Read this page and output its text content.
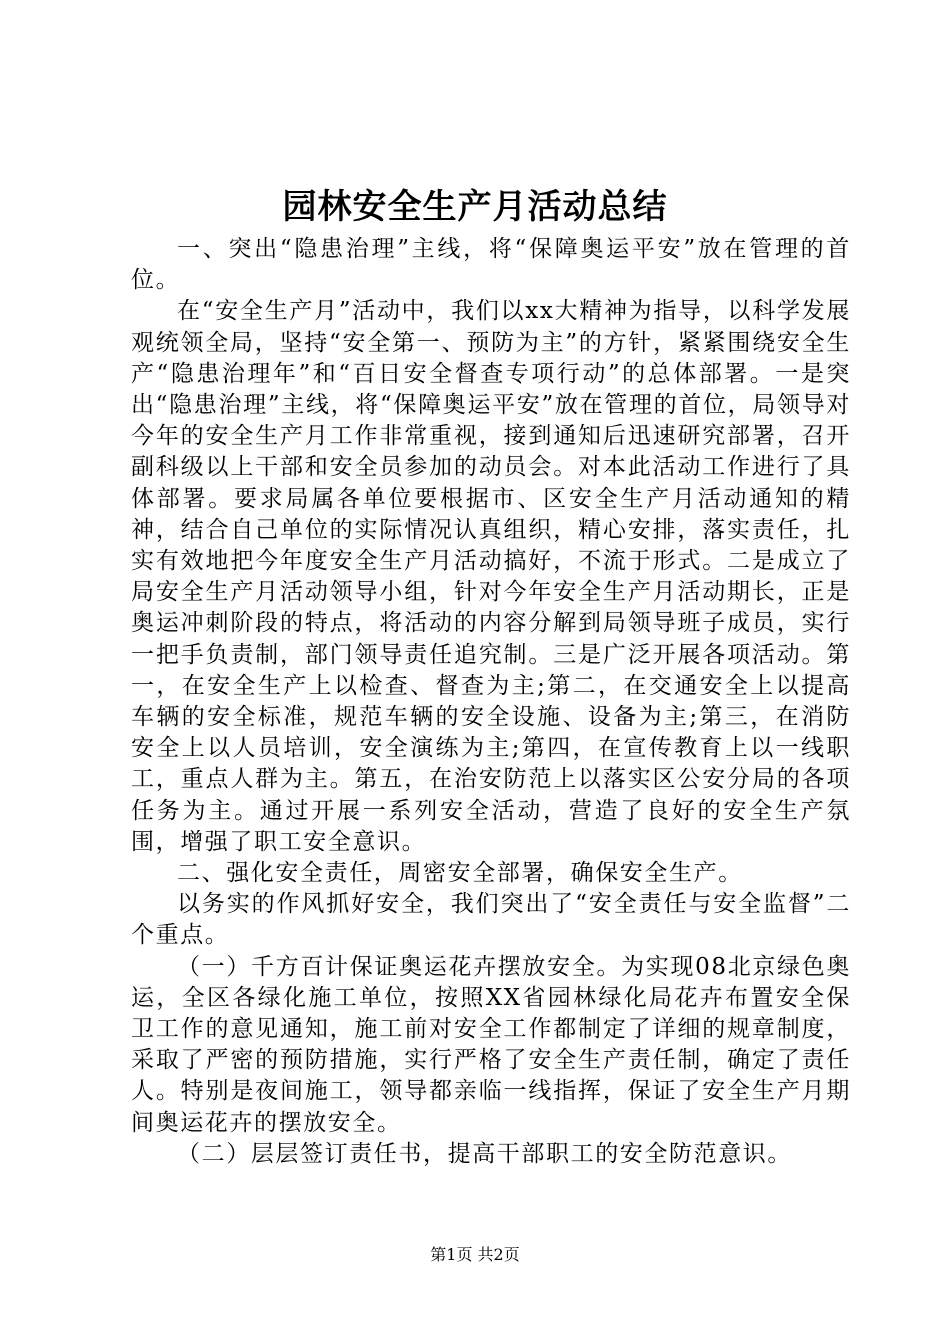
园林安全生产月活动总结

一、突出“隐患治理”主线，将“保障奥运平安”放在管理的首位。

在“安全生产月”活动中，我们以xx大精神为指导，以科学发展观统领全局，坚持“安全第一、预防为主”的方针，紧紧围绕安全生产“隐患治理年”和“百日安全督查专项行动”的总体部署。一是突出“隐患治理”主线，将“保障奥运平安”放在管理的首位，局领导对今年的安全生产月工作非常重视，接到通知后迅速研究部署，召开副科级以上干部和安全员参加的动员会。对本此活动工作进行了具体部署。要求局属各单位要根据市、区安全生产月活动通知的精神，结合自己单位的实际情况认真组织，精心安排，落实责任，扎实有效地把今年度安全生产月活动搞好，不流于形式。二是成立了局安全生产月活动领导小组，针对今年安全生产月活动期长，正是奥运冲刺阶段的特点，将活动的内容分解到局领导班子成员，实行一把手负责制，部门领导责任追究制。三是广泛开展各项活动。第一，在安全生产上以检查、督查为主;第二，在交通安全上以提高车辆的安全标准，规范车辆的安全设施、设备为主;第三，在消防安全上以人员培训，安全演练为主;第四，在宣传教育上以一线职工，重点人群为主。第五，在治安防范上以落实区公安分局的各项任务为主。通过开展一系列安全活动，营造了良好的安全生产氛围，增强了职工安全意识。

二、强化安全责任，周密安全部署，确保安全生产。

以务实的作风抓好安全，我们突出了“安全责任与安全监督”二个重点。

（一）千方百计保证奥运花卉摆放安全。为实现08北京绿色奥运，全区各绿化施工单位，按照XX省园林绿化局花卉布置安全保卫工作的意见通知，施工前对安全工作都制定了详细的规章制度，采取了严密的预防措施，实行严格了安全生产责任制，确定了责任人。特别是夜间施工，领导都亲临一线指挥，保证了安全生产月期间奥运花卉的摆放安全。

（二）层层签订责任书，提高干部职工的安全防范意识。

第1页 共2页
